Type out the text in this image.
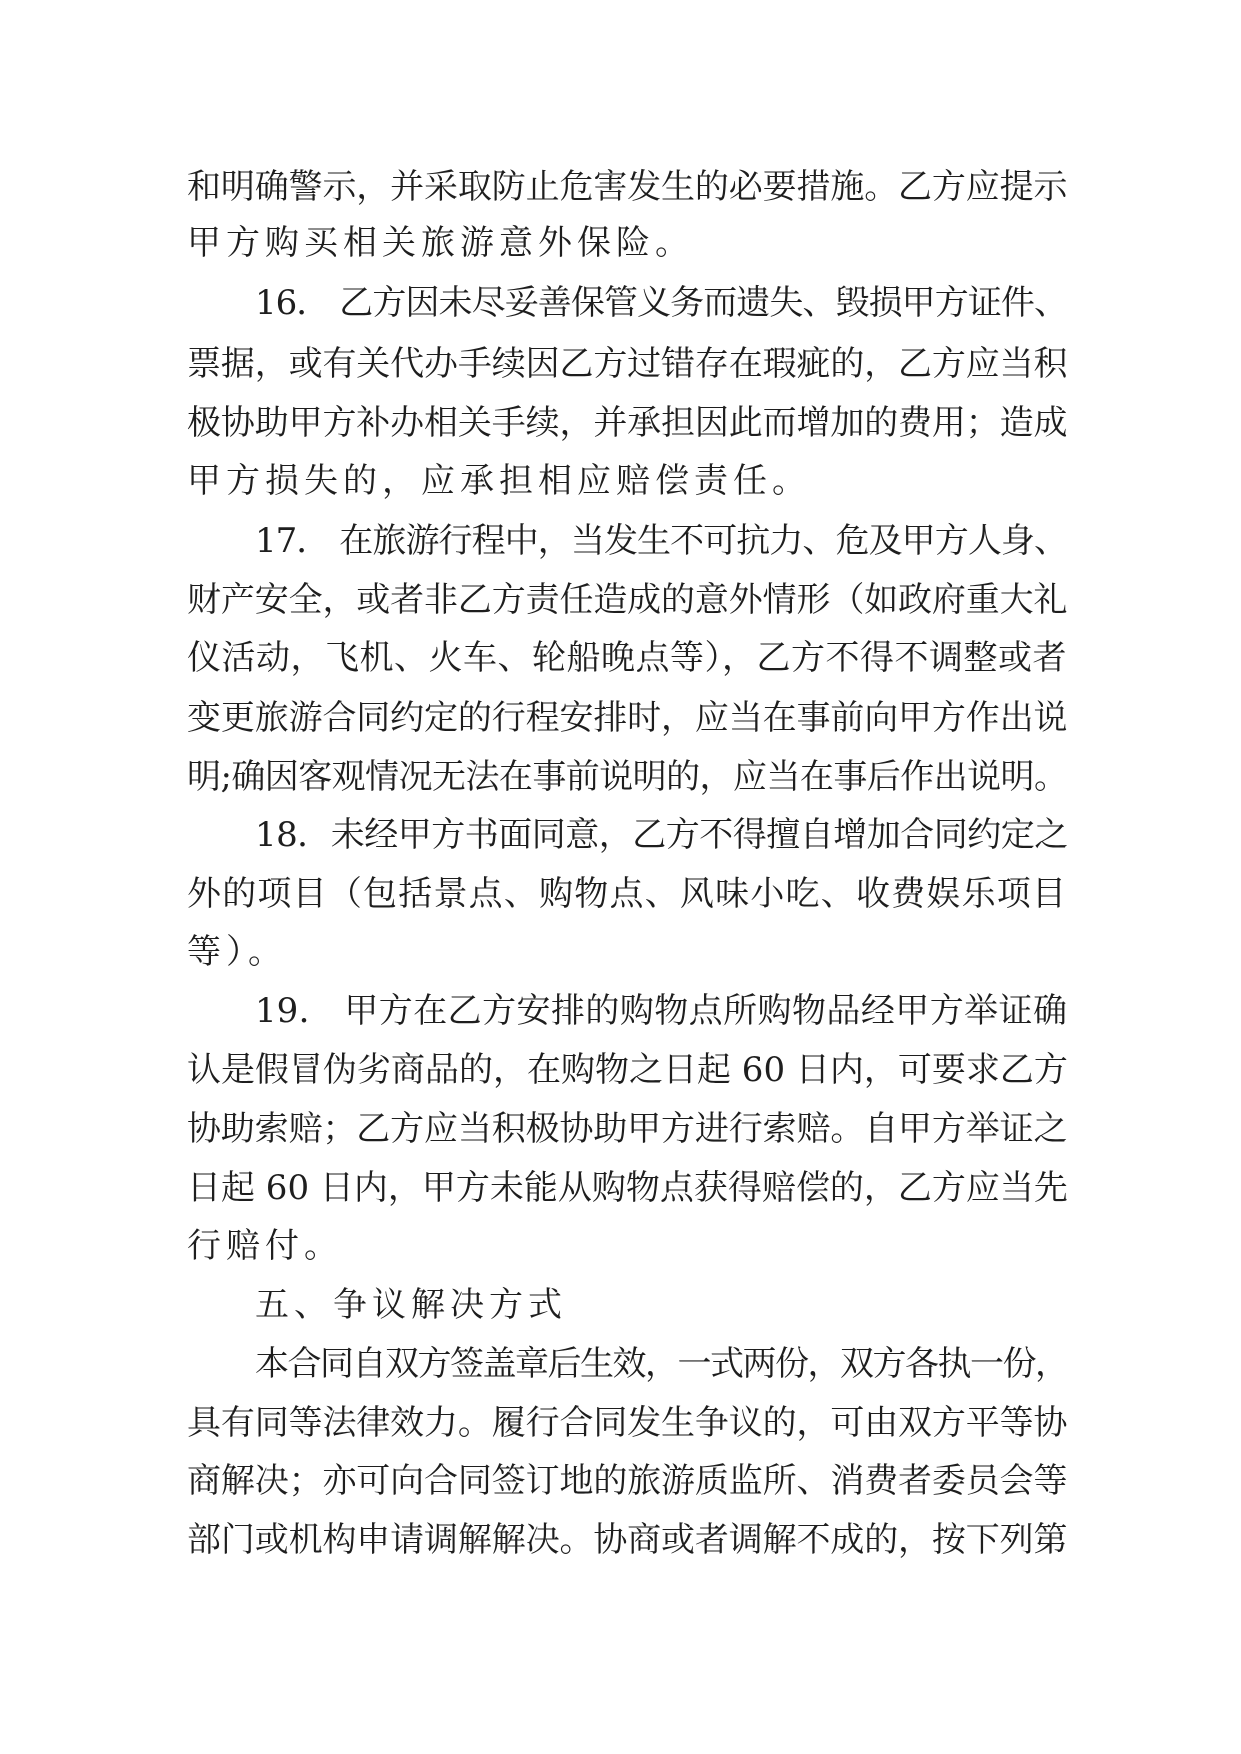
和明确警示，并采取防止危害发生的必要措施。乙方应提示
甲方购买相关旅游意外保险。
16． 乙方因未尽妥善保管义务而遗失、毁损甲方证件、
票据，或有关代办手续因乙方过错存在瑕疵的，乙方应当积
极协助甲方补办相关手续，并承担因此而增加的费用；造成
甲方损失的，应承担相应赔偿责任。
17． 在旅游行程中，当发生不可抗力、危及甲方人身、
财产安全，或者非乙方责任造成的意外情形（如政府重大礼
仪活动，飞机、火车、轮船晚点等），乙方不得不调整或者
变更旅游合同约定的行程安排时，应当在事前向甲方作出说
明;确因客观情况无法在事前说明的，应当在事后作出说明。
18．未经甲方书面同意，乙方不得擅自增加合同约定之
外的项目（包括景点、购物点、风味小吃、收费娱乐项目
等）。
19． 甲方在乙方安排的购物点所购物品经甲方举证确
认是假冒伪劣商品的，在购物之日起 60 日内，可要求乙方
协助索赔；乙方应当积极协助甲方进行索赔。自甲方举证之
日起 60 日内，甲方未能从购物点获得赔偿的，乙方应当先
行赔付。
五、争议解决方式
本合同自双方签盖章后生效，一式两份，双方各执一份，
具有同等法律效力。履行合同发生争议的，可由双方平等协
商解决；亦可向合同签订地的旅游质监所、消费者委员会等
部门或机构申请调解解决。协商或者调解不成的，按下列第
